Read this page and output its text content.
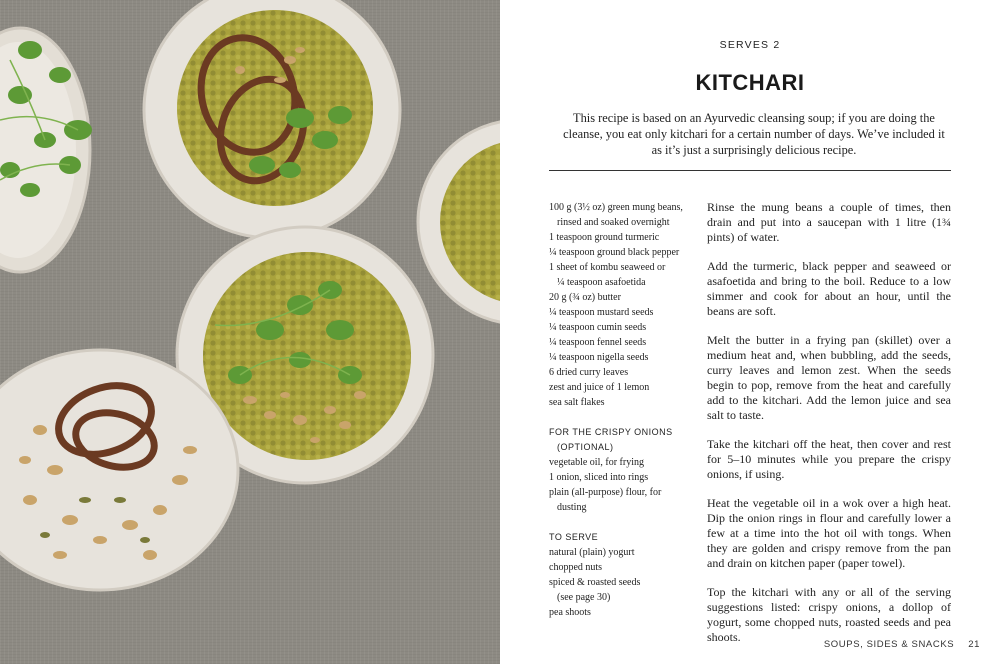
SERVES 2
KITCHARI
This recipe is based on an Ayurvedic cleansing soup; if you are doing the cleanse, you eat only kitchari for a certain number of days. We’ve included it as it’s just a surprisingly delicious recipe.
100 g (3½ oz) green mung beans,
rinsed and soaked overnight
1 teaspoon ground turmeric
¼ teaspoon ground black pepper
1 sheet of kombu seaweed or
¼ teaspoon asafoetida
20 g (¾ oz) butter
¼ teaspoon mustard seeds
¼ teaspoon cumin seeds
¼ teaspoon fennel seeds
¼ teaspoon nigella seeds
6 dried curry leaves
zest and juice of 1 lemon
sea salt flakes
FOR THE CRISPY ONIONS
(OPTIONAL)
vegetable oil, for frying
1 onion, sliced into rings
plain (all-purpose) flour, for
dusting
TO SERVE
natural (plain) yogurt
chopped nuts
spiced & roasted seeds
(see page 30)
pea shoots

Rinse the mung beans a couple of times, then drain and put into a saucepan with 1 litre (1¾ pints) of water.

Add the turmeric, black pepper and seaweed or asafoetida and bring to the boil. Reduce to a low simmer and cook for about an hour, until the beans are soft.

Melt the butter in a frying pan (skillet) over a medium heat and, when bubbling, add the seeds, curry leaves and lemon zest. When the seeds begin to pop, remove from the heat and carefully add to the kitchari. Add the lemon juice and sea salt to taste.

Take the kitchari off the heat, then cover and rest for 5–10 minutes while you prepare the crispy onions, if using.

Heat the vegetable oil in a wok over a high heat. Dip the onion rings in flour and carefully lower a few at a time into the hot oil with tongs. When they are golden and crispy remove from the pan and drain on kitchen paper (paper towel).

Top the kitchari with any or all of the serving suggestions listed: crispy onions, a dollop of yogurt, some chopped nuts, roasted seeds and pea shoots.

SOUPS, SIDES & SNACKS 21
